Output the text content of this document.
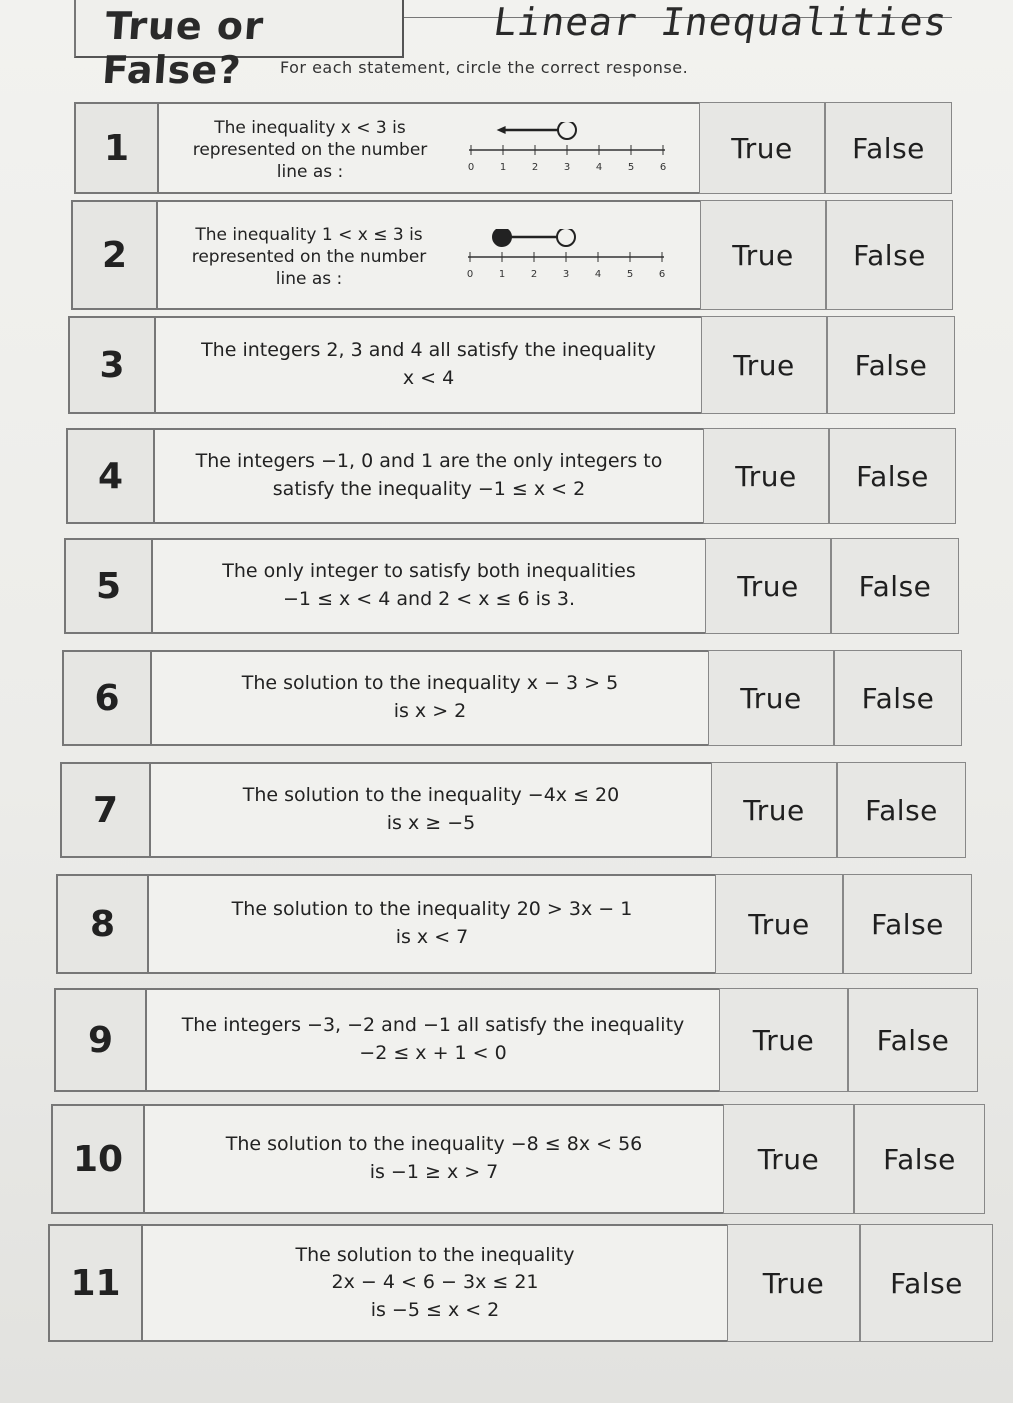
True or False?
Linear Inequalities
For each statement, circle the correct response.
1	The inequality x < 3 is
represented on the number
line as :	0	1	2	3	4	5	6
True	False
2	The inequality 1 < x ≤ 3 is
represented on the number
line as :	0	1	2	3	4	5	6
True	False
3	The integers 2, 3 and 4 all satisfy the inequality
x < 4	True	False
4	The integers −1, 0 and 1 are the only integers to
satisfy the inequality −1 ≤ x < 2	True	False
5	The only integer to satisfy both inequalities
−1 ≤ x < 4 and 2 < x ≤ 6 is 3.	True	False
6	The solution to the inequality x − 3 > 5
is x > 2	True	False
7	The solution to the inequality −4x ≤ 20
is x ≥ −5	True	False
8	The solution to the inequality 20 > 3x − 1
is x < 7	True	False
9	The integers −3, −2 and −1 all satisfy the inequality
−2 ≤ x + 1 < 0	True	False
10	The solution to the inequality −8 ≤ 8x < 56
is −1 ≥ x > 7	True	False
11
The solution to the inequality
2x − 4 < 6 − 3x ≤ 21
is −5 ≤ x < 2
True	False
